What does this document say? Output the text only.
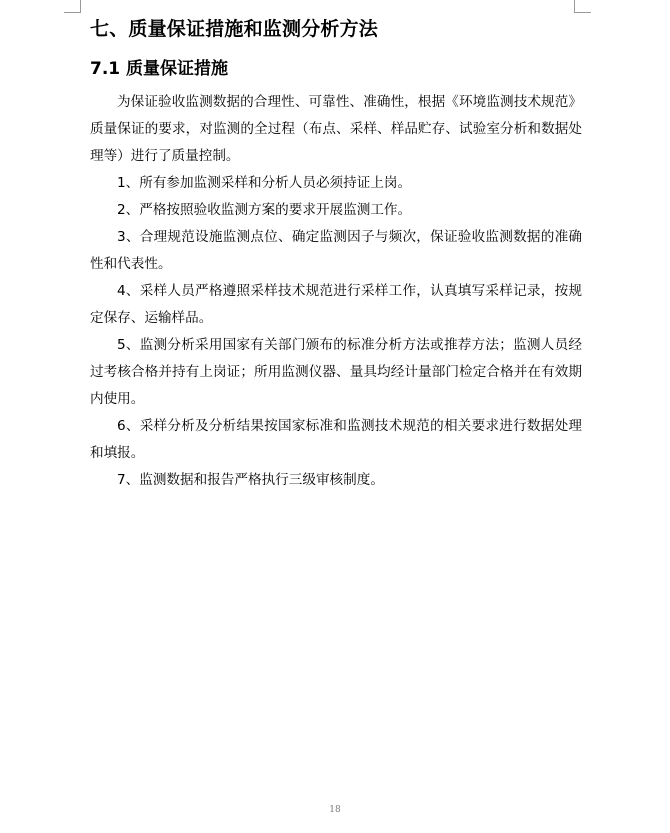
七、质量保证措施和监测分析方法
7.1 质量保证措施

为保证验收监测数据的合理性、可靠性、准确性，根据《环境监测技术规范》质量保证的要求，对监测的全过程（布点、采样、样品贮存、试验室分析和数据处理等）进行了质量控制。

1、所有参加监测采样和分析人员必须持证上岗。

2、严格按照验收监测方案的要求开展监测工作。

3、合理规范设施监测点位、确定监测因子与频次，保证验收监测数据的准确性和代表性。

4、采样人员严格遵照采样技术规范进行采样工作，认真填写采样记录，按规定保存、运输样品。

5、监测分析采用国家有关部门颁布的标准分析方法或推荐方法；监测人员经过考核合格并持有上岗证；所用监测仪器、量具均经计量部门检定合格并在有效期内使用。

6、采样分析及分析结果按国家标准和监测技术规范的相关要求进行数据处理和填报。

7、监测数据和报告严格执行三级审核制度。

18
